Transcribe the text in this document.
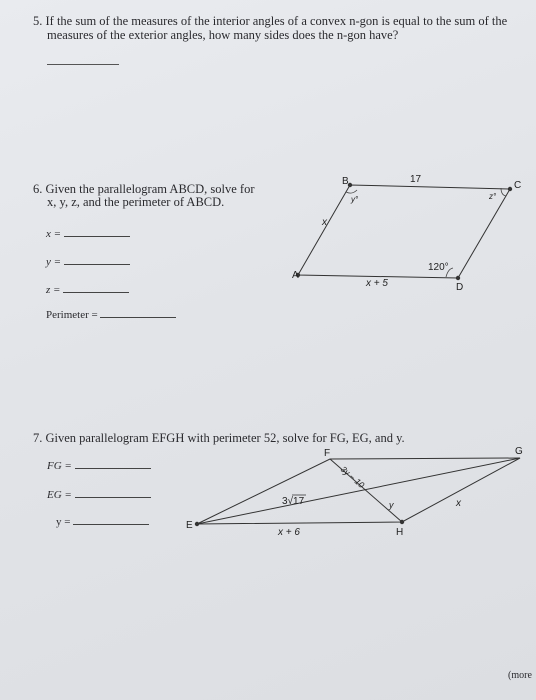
5. If the sum of the measures of the interior angles of a convex n-gon is equal to the sum of the
measures of the exterior angles, how many sides does the n-gon have?
6. Given the parallelogram ABCD, solve for
x, y, z, and the perimeter of ABCD.
x =
y =
z =
Perimeter =
B	C
D
A
17
x
x + 5
y°	z°
120°
7. Given parallelogram EFGH with perimeter 52, solve for FG, EG, and y.
FG =
EG =
y =	E
F	G
H
3y − 10
3√17	y	x
x + 6
(more
